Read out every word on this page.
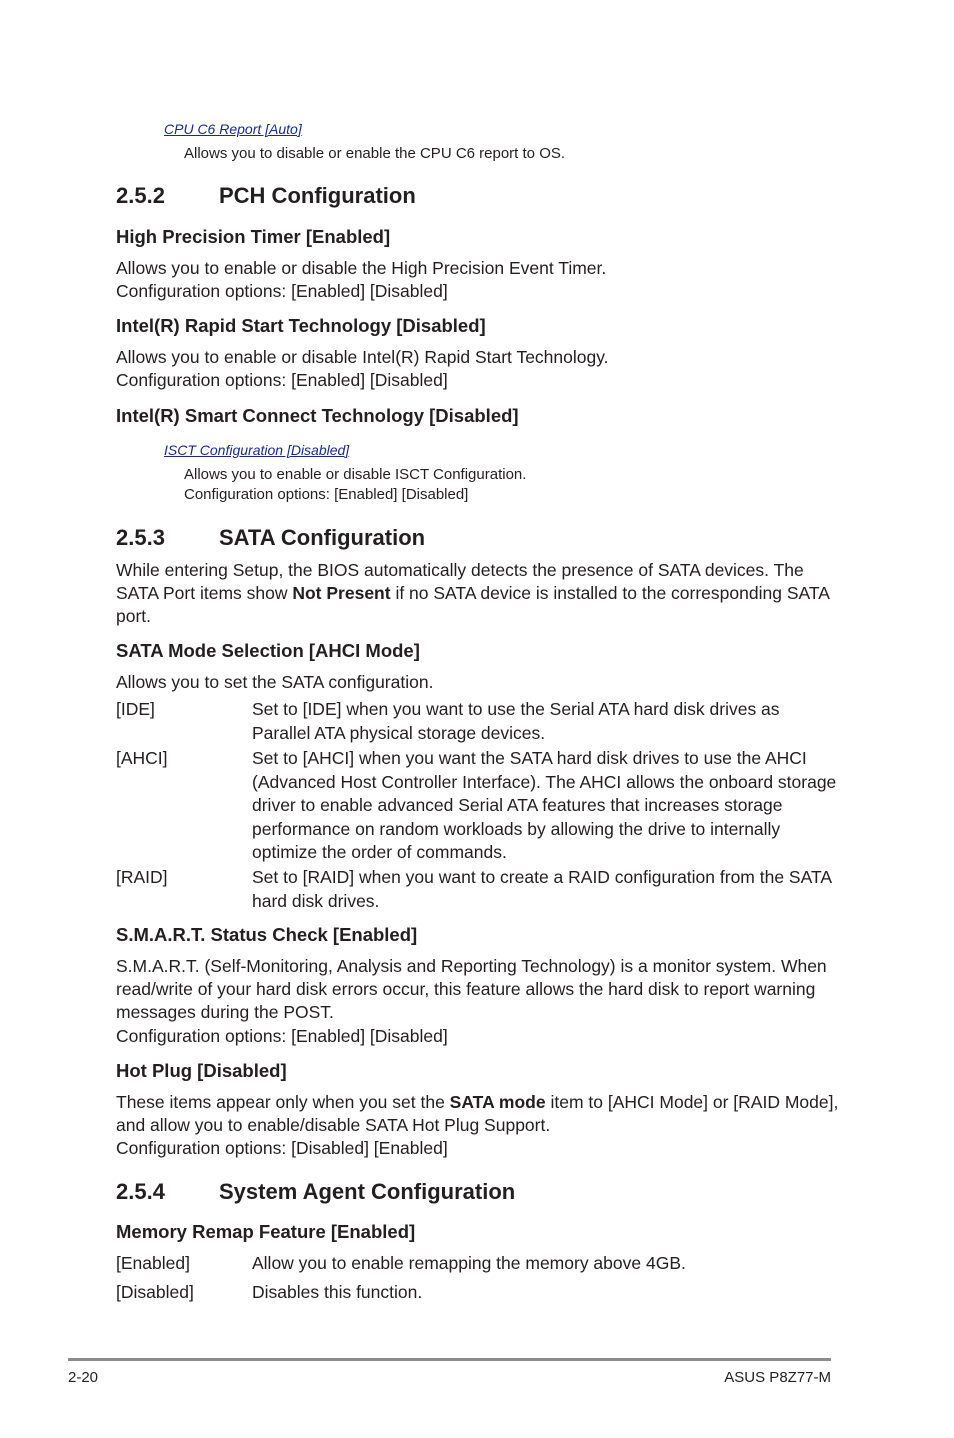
CPU C6 Report [Auto]
Allows you to disable or enable the CPU C6 report to OS.
2.5.2 PCH Configuration
High Precision Timer [Enabled]
Allows you to enable or disable the High Precision Event Timer.
Configuration options: [Enabled] [Disabled]
Intel(R) Rapid Start Technology [Disabled]
Allows you to enable or disable Intel(R) Rapid Start Technology.
Configuration options: [Enabled] [Disabled]
Intel(R) Smart Connect Technology [Disabled]
ISCT Configuration [Disabled]
Allows you to enable or disable ISCT Configuration.
Configuration options: [Enabled] [Disabled]
2.5.3 SATA Configuration
While entering Setup, the BIOS automatically detects the presence of SATA devices. The
SATA Port items show Not Present if no SATA device is installed to the corresponding SATA
port.
SATA Mode Selection [AHCI Mode]
Allows you to set the SATA configuration.
[IDE]	Set to [IDE] when you want to use the Serial ATA hard disk drives as
Parallel ATA physical storage devices.
[AHCI]	Set to [AHCI] when you want the SATA hard disk drives to use the AHCI
(Advanced Host Controller Interface). The AHCI allows the onboard storage
driver to enable advanced Serial ATA features that increases storage
performance on random workloads by allowing the drive to internally
optimize the order of commands.
[RAID]	Set to [RAID] when you want to create a RAID configuration from the SATA
hard disk drives.
S.M.A.R.T. Status Check [Enabled]
S.M.A.R.T. (Self-Monitoring, Analysis and Reporting Technology) is a monitor system. When
read/write of your hard disk errors occur, this feature allows the hard disk to report warning
messages during the POST.
Configuration options: [Enabled] [Disabled]
Hot Plug [Disabled]
These items appear only when you set the SATA mode item to [AHCI Mode] or [RAID Mode],
and allow you to enable/disable SATA Hot Plug Support.
Configuration options: [Disabled] [Enabled]
2.5.4 System Agent Configuration
Memory Remap Feature [Enabled]
[Enabled]	Allow you to enable remapping the memory above 4GB.
[Disabled]	Disables this function.
2-20	ASUS P8Z77-M
